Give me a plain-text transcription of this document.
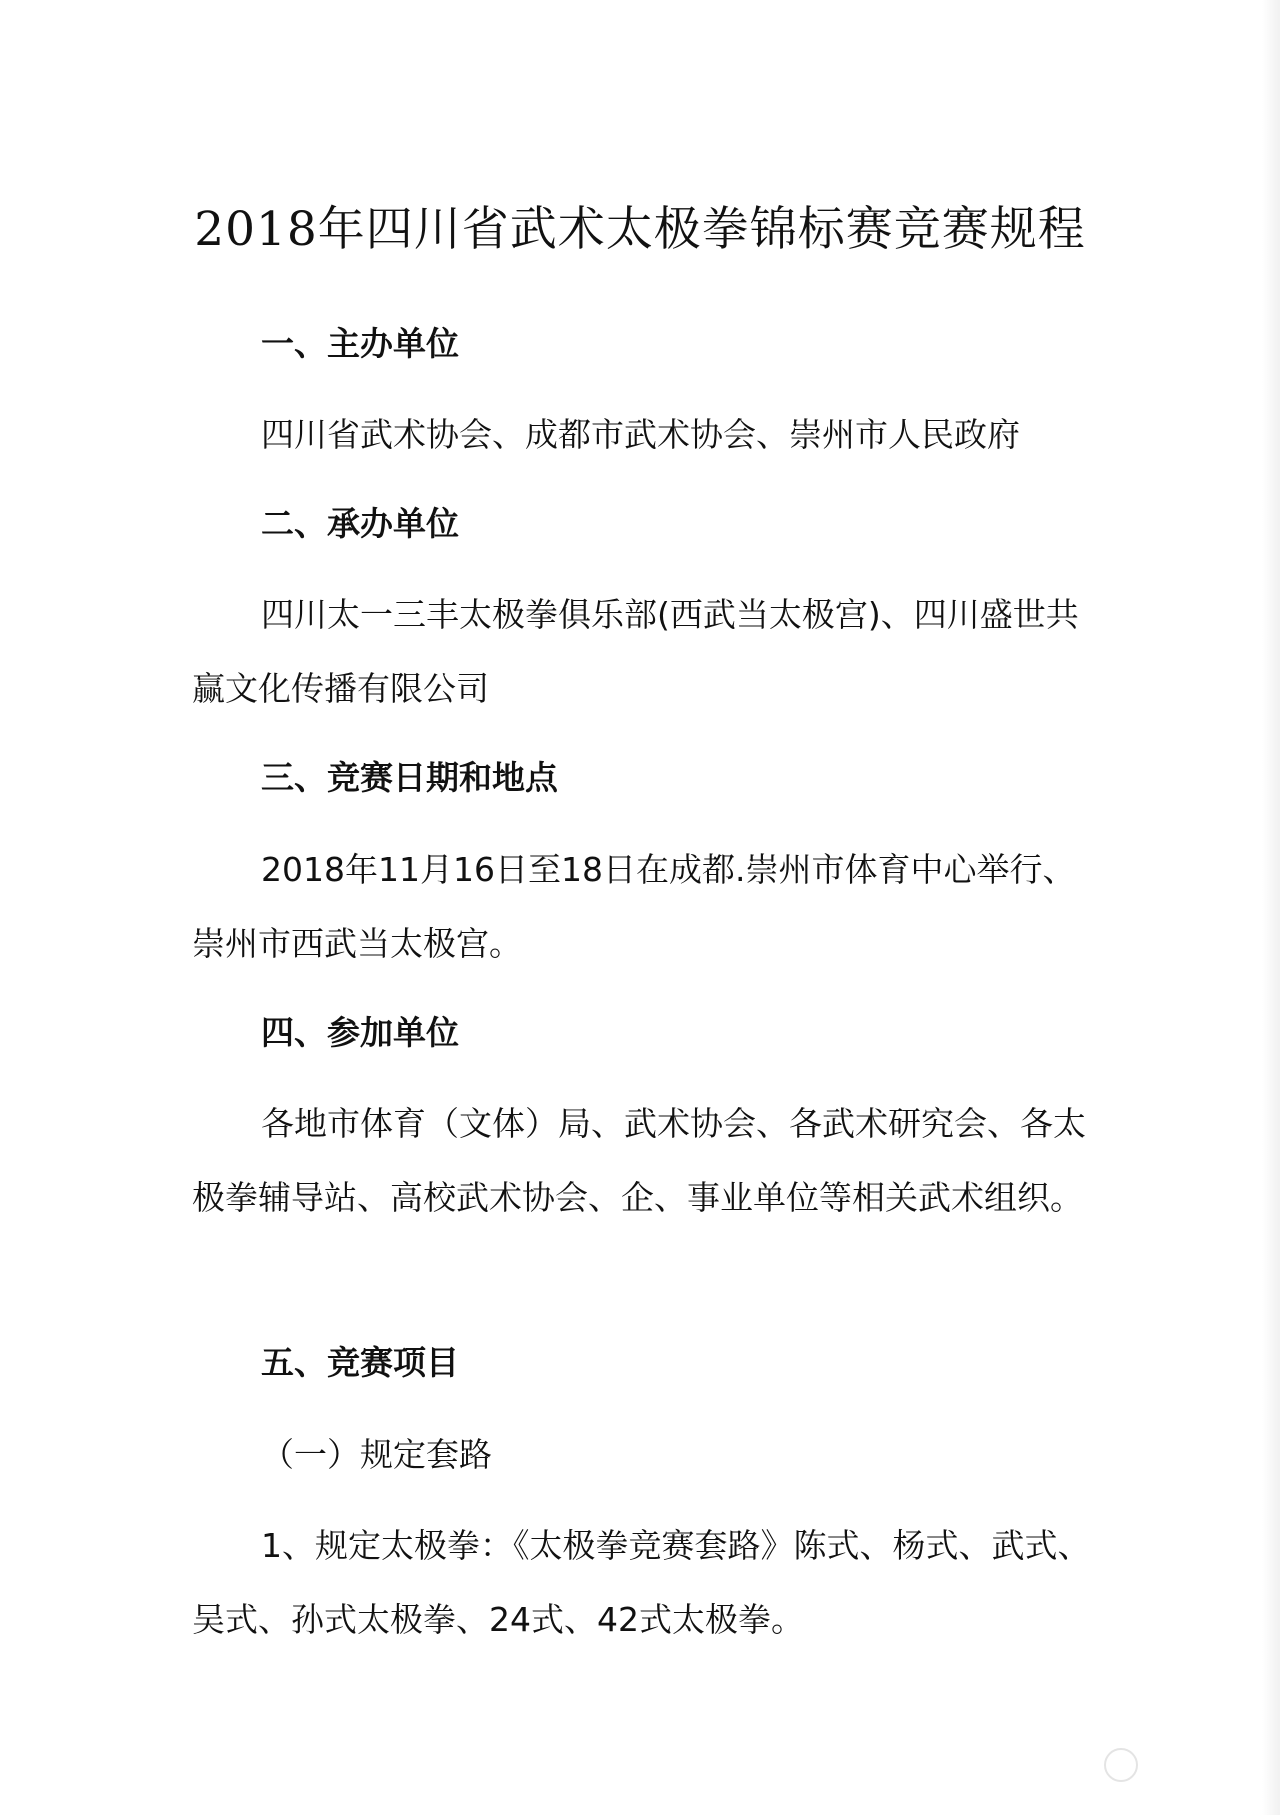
2018年四川省武术太极拳锦标赛竞赛规程
一、主办单位

四川省武术协会、成都市武术协会、崇州市人民政府

二、承办单位

四川太一三丰太极拳俱乐部(西武当太极宫)、四川盛世共赢文化传播有限公司

三、竞赛日期和地点

2018年11月16日至18日在成都.崇州市体育中心举行、崇州市西武当太极宫。

四、参加单位

各地市体育（文体）局、武术协会、各武术研究会、各太极拳辅导站、高校武术协会、企、事业单位等相关武术组织。

五、竞赛项目

（一）规定套路

1、规定太极拳：《太极拳竞赛套路》陈式、杨式、武式、吴式、孙式太极拳、24式、42式太极拳。
